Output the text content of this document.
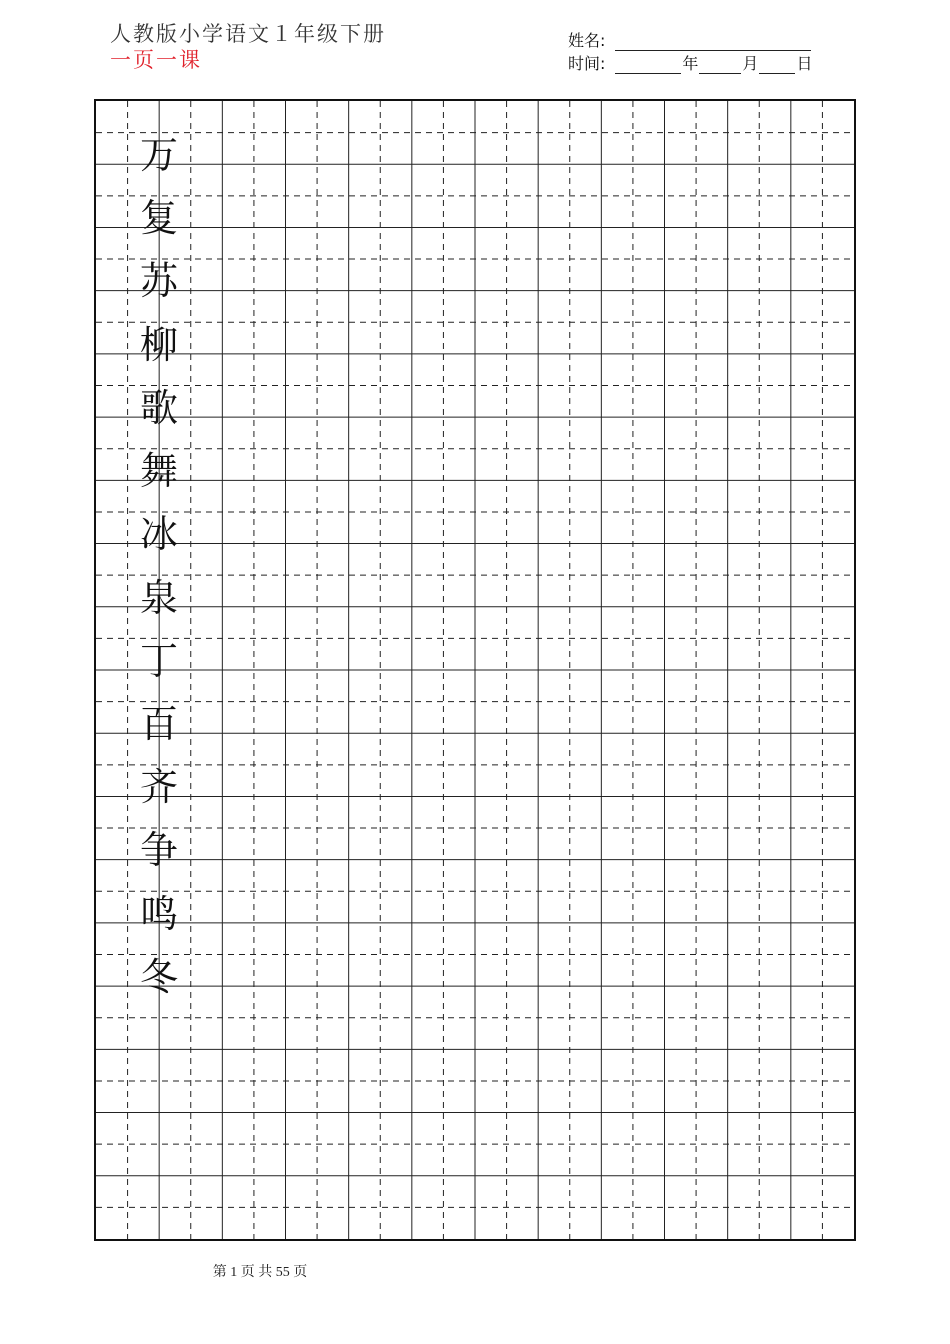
人教版小学语文１年级下册
一页一课
姓名:
时间:	年	月 日
万
复
苏
柳
歌
舞
冰
泉
丁
百
齐
争
鸣
冬
第 1 页 共 55 页
